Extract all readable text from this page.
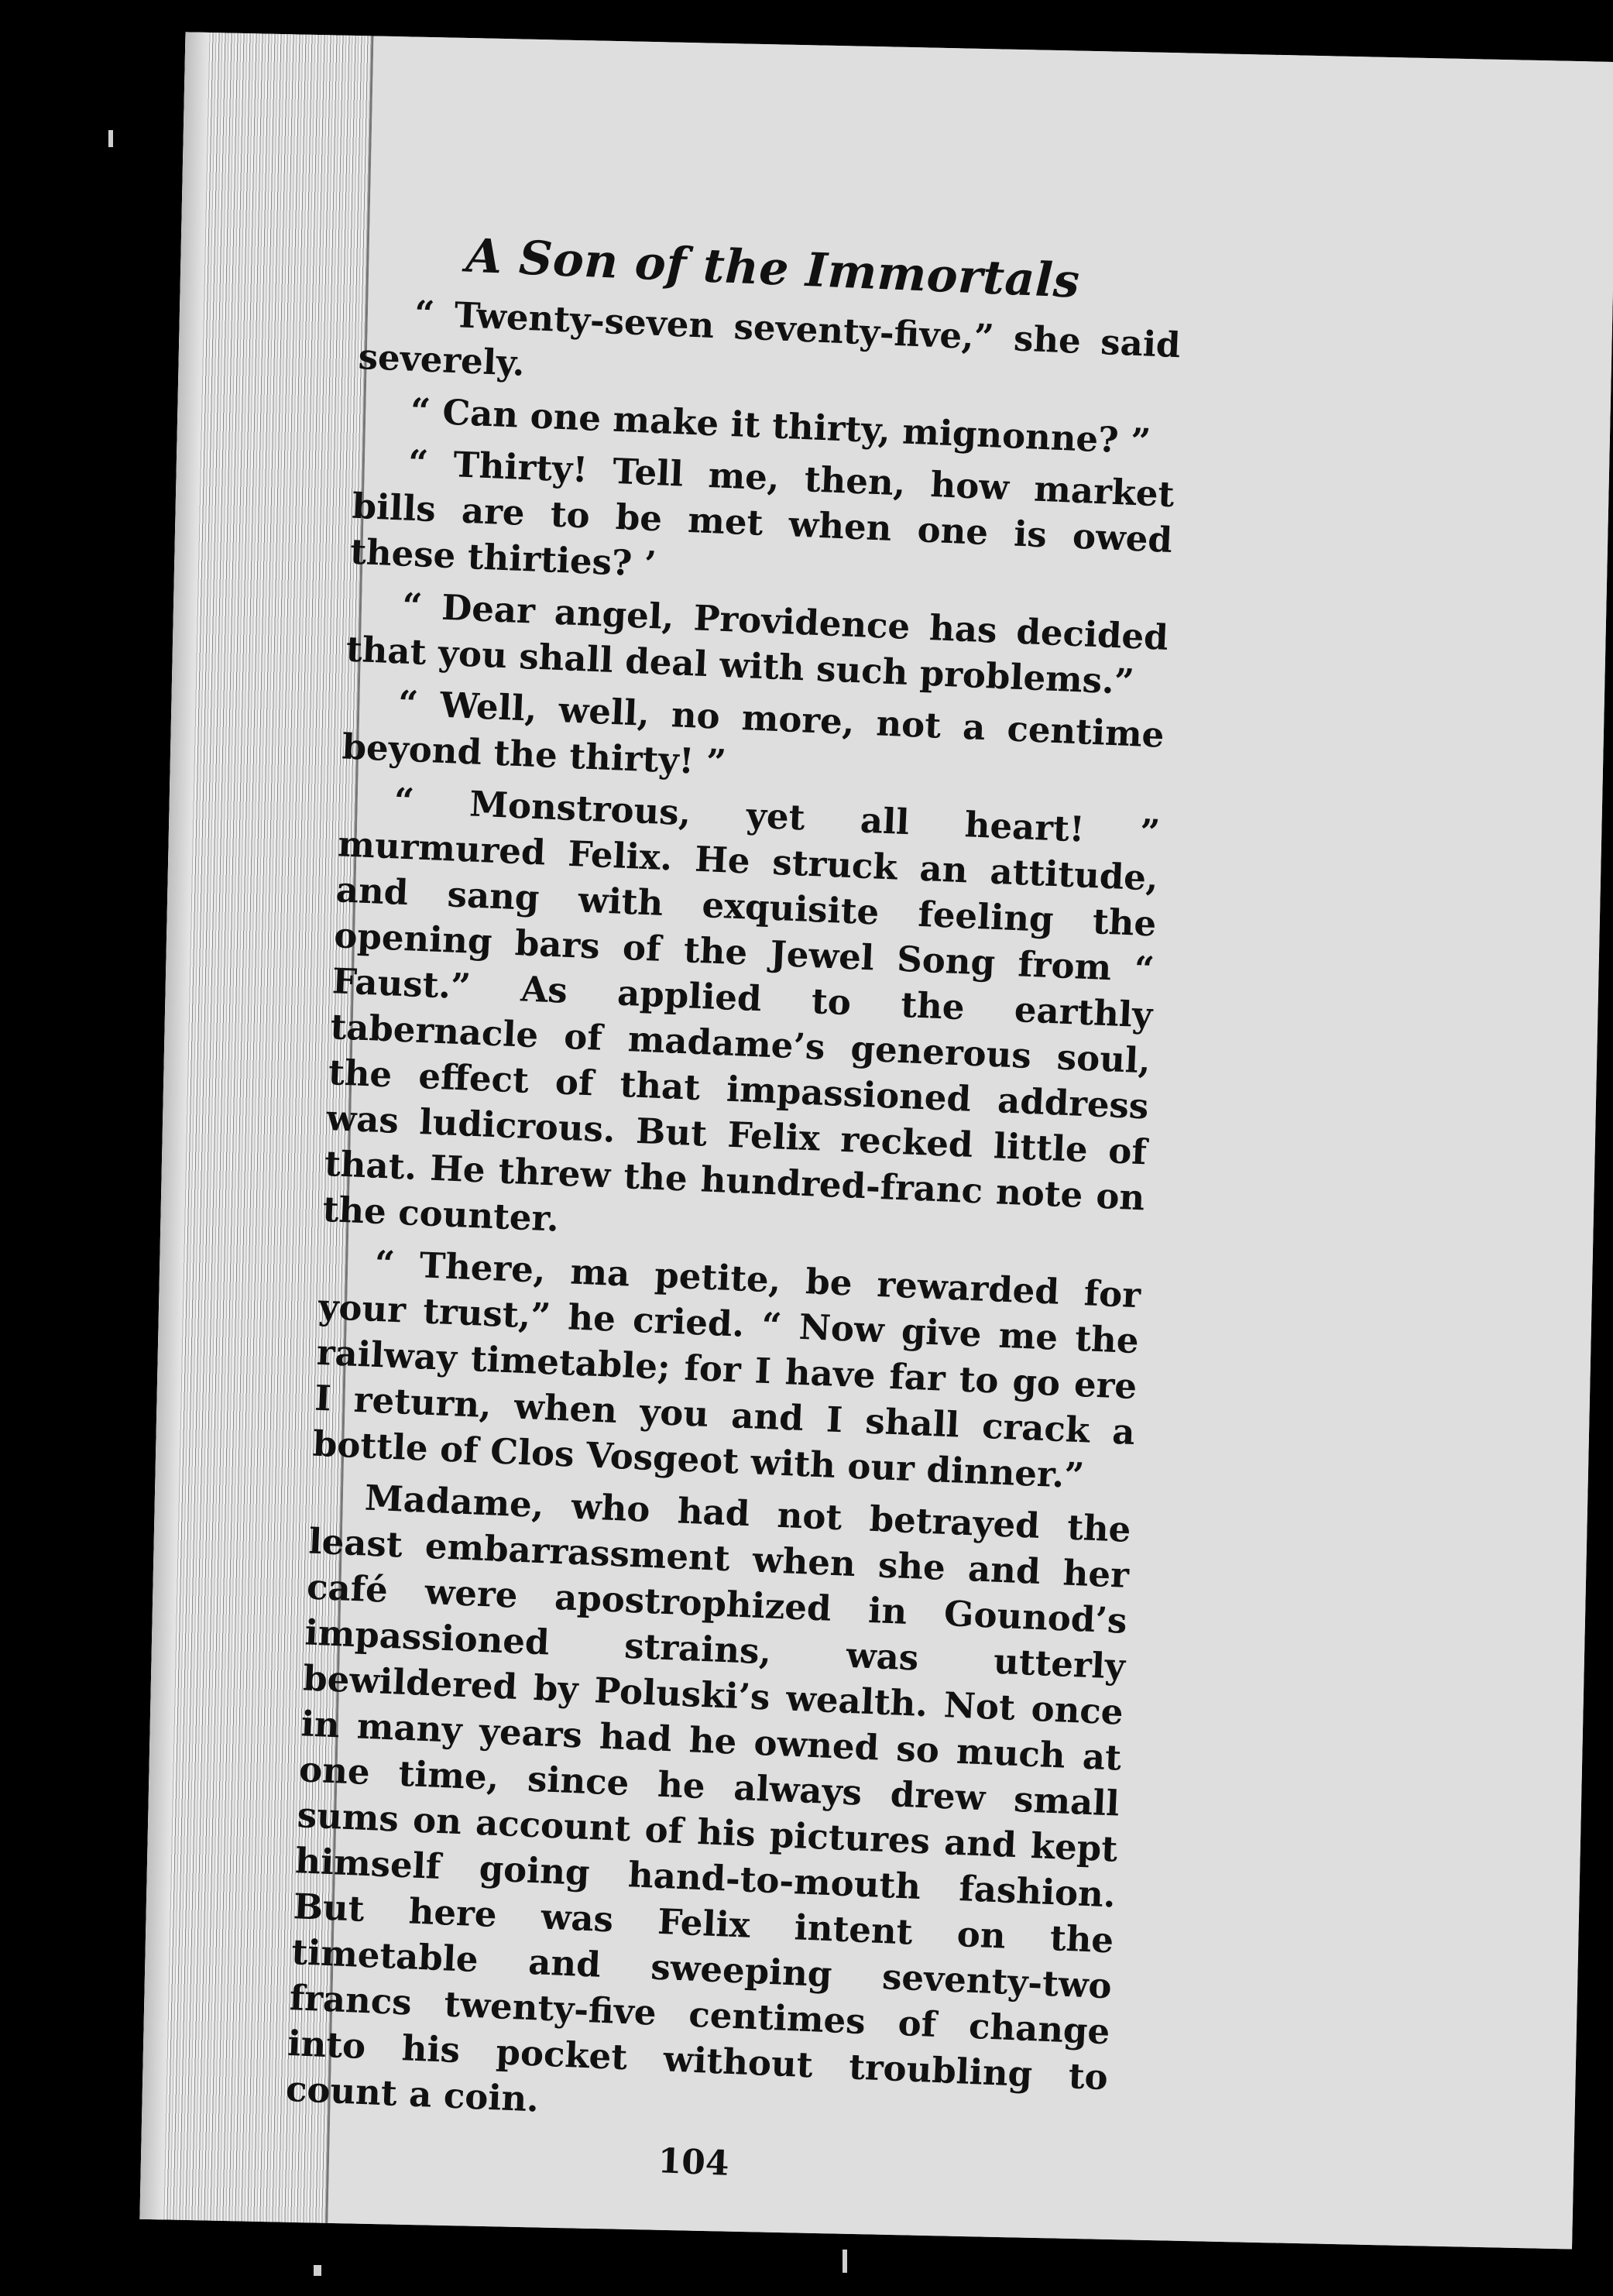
A Son of the Immortals

“ Twenty-seven seventy-five,” she said severely.

“ Can one make it thirty, mignonne? ”

“ Thirty! Tell me, then, how market bills are to be met when one is owed these thirties? ’

“ Dear angel, Providence has decided that you shall deal with such problems.”

“ Well, well, no more, not a centime beyond the thirty! ”

“ Monstrous, yet all heart! ” murmured Felix. He struck an attitude, and sang with exquisite feeling the opening bars of the Jewel Song from “ Faust.” As applied to the earthly tabernacle of madame’s generous soul, the effect of that impassioned address was ludicrous. But Felix recked little of that. He threw the hundred-franc note on the counter.

“ There, ma petite, be rewarded for your trust,” he cried. “ Now give me the railway timetable; for I have far to go ere I return, when you and I shall crack a bottle of Clos Vosgeot with our dinner.”

Madame, who had not betrayed the least embarrassment when she and her café were apostrophized in Gounod’s impassioned strains, was utterly bewildered by Poluski’s wealth. Not once in many years had he owned so much at one time, since he always drew small sums on account of his pictures and kept himself going hand-to-mouth fashion. But here was Felix intent on the timetable and sweeping seventy-two francs twenty-five centimes of change into his pocket without troubling to count a coin.

104
